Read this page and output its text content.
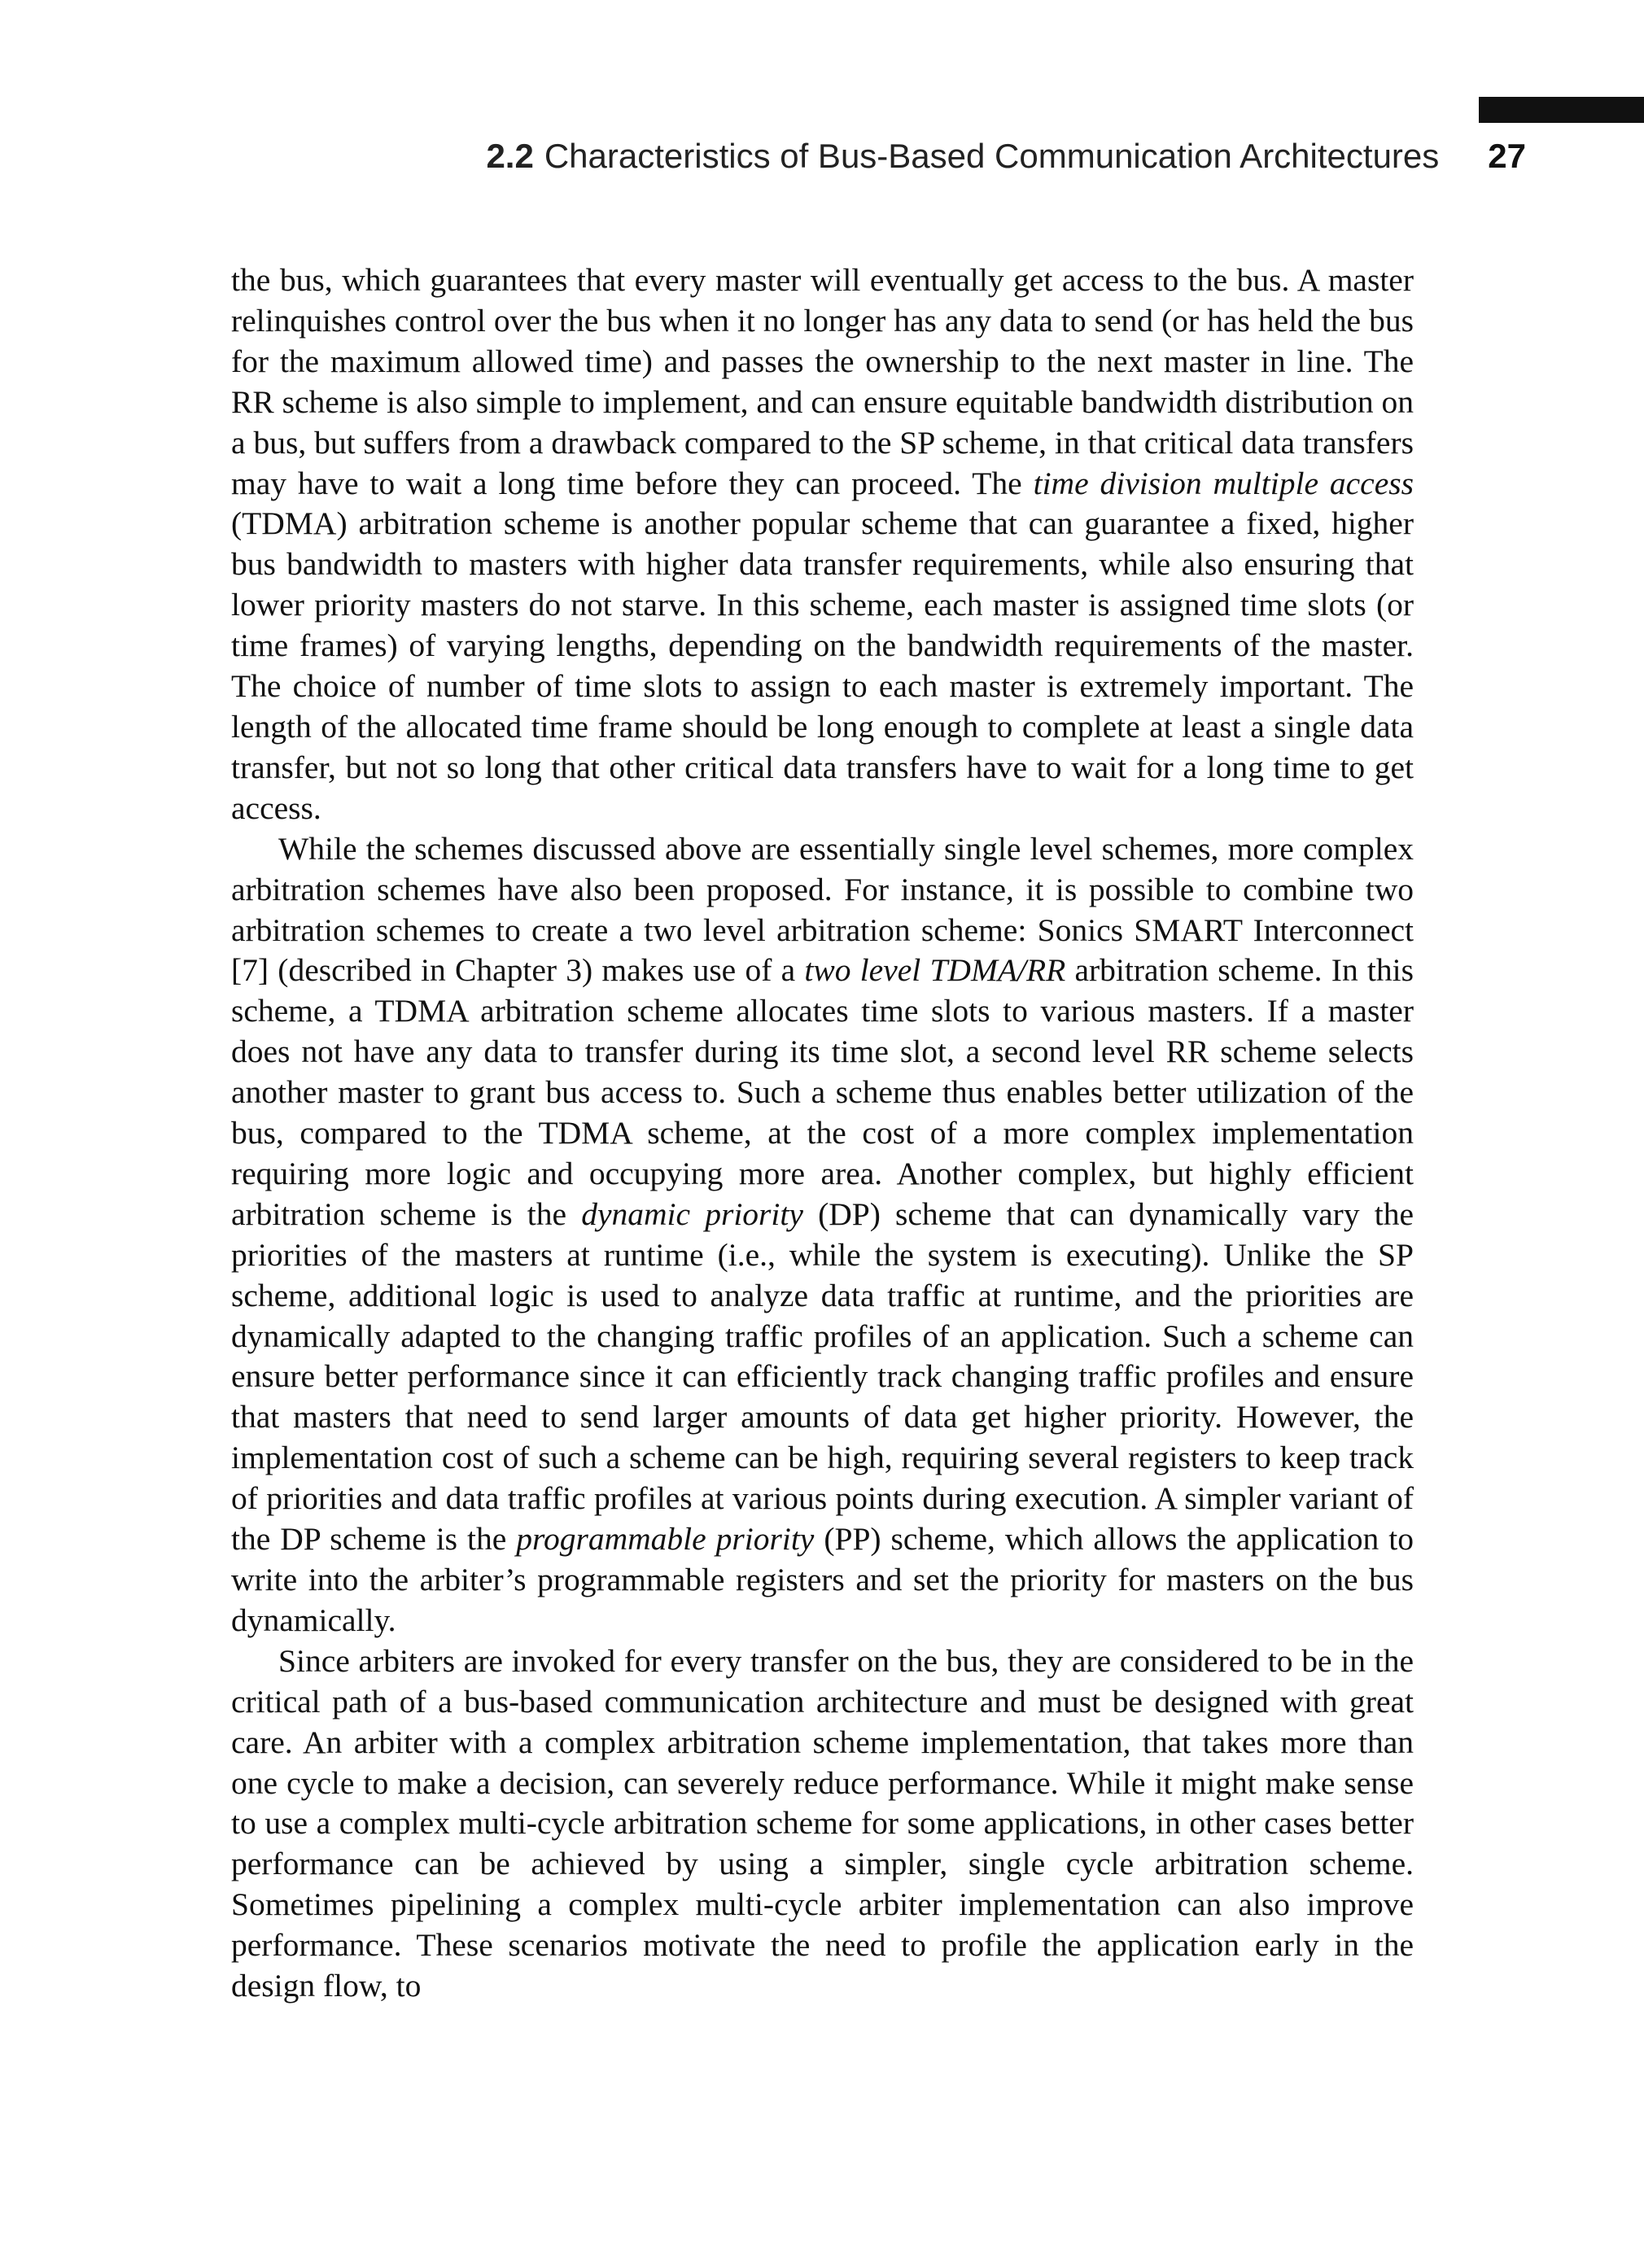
2.2 Characteristics of Bus-Based Communication Architectures 27

the bus, which guarantees that every master will eventually get access to the bus. A master relinquishes control over the bus when it no longer has any data to send (or has held the bus for the maximum allowed time) and passes the ownership to the next master in line. The RR scheme is also simple to implement, and can ensure equitable bandwidth distribution on a bus, but suffers from a drawback compared to the SP scheme, in that critical data transfers may have to wait a long time before they can proceed. The time division multiple access (TDMA) arbitration scheme is another popular scheme that can guarantee a fixed, higher bus bandwidth to masters with higher data transfer requirements, while also ensuring that lower priority masters do not starve. In this scheme, each master is assigned time slots (or time frames) of varying lengths, depending on the bandwidth requirements of the master. The choice of number of time slots to assign to each master is extremely important. The length of the allocated time frame should be long enough to complete at least a single data transfer, but not so long that other critical data transfers have to wait for a long time to get access.

While the schemes discussed above are essentially single level schemes, more complex arbitration schemes have also been proposed. For instance, it is possible to combine two arbitration schemes to create a two level arbitration scheme: Sonics SMART Interconnect [7] (described in Chapter 3) makes use of a two level TDMA/RR arbitration scheme. In this scheme, a TDMA arbitration scheme allocates time slots to various masters. If a master does not have any data to transfer during its time slot, a second level RR scheme selects another master to grant bus access to. Such a scheme thus enables better utilization of the bus, compared to the TDMA scheme, at the cost of a more complex implementation requiring more logic and occupying more area. Another complex, but highly efficient arbitration scheme is the dynamic priority (DP) scheme that can dynamically vary the priorities of the masters at runtime (i.e., while the system is executing). Unlike the SP scheme, additional logic is used to analyze data traffic at runtime, and the priorities are dynamically adapted to the changing traffic profiles of an application. Such a scheme can ensure better performance since it can efficiently track changing traffic profiles and ensure that masters that need to send larger amounts of data get higher priority. However, the implementation cost of such a scheme can be high, requiring several registers to keep track of priorities and data traffic profiles at various points during execution. A simpler variant of the DP scheme is the programmable priority (PP) scheme, which allows the application to write into the arbiter’s programmable registers and set the priority for masters on the bus dynamically.

Since arbiters are invoked for every transfer on the bus, they are considered to be in the critical path of a bus-based communication architecture and must be designed with great care. An arbiter with a complex arbitration scheme implementation, that takes more than one cycle to make a decision, can severely reduce performance. While it might make sense to use a complex multi-cycle arbitration scheme for some applications, in other cases better performance can be achieved by using a simpler, single cycle arbitration scheme. Sometimes pipelining a complex multi-cycle arbiter implementation can also improve performance. These scenarios motivate the need to profile the application early in the design flow, to
